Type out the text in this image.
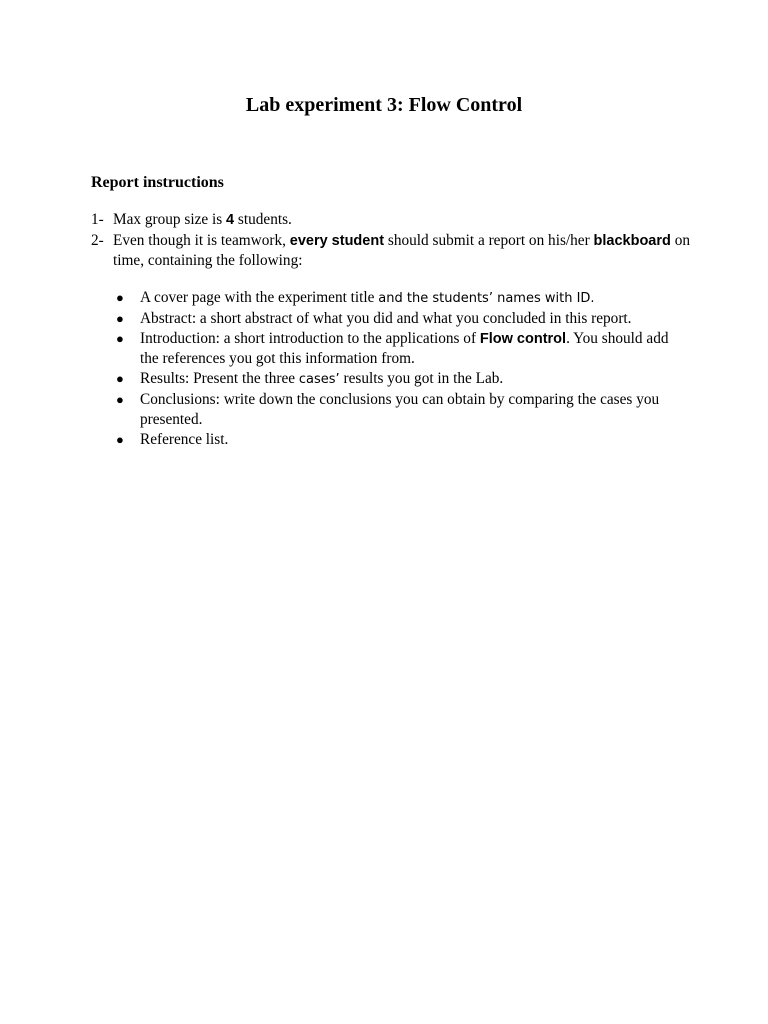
Lab experiment 3: Flow Control
Report instructions
1- Max group size is 4 students.
2- Even though it is teamwork, every student should submit a report on his/her blackboard on time, containing the following:
● A cover page with the experiment title and the students’ names with ID.
● Abstract: a short abstract of what you did and what you concluded in this report.
● Introduction: a short introduction to the applications of Flow control. You should add the references you got this information from.
● Results: Present the three cases’ results you got in the Lab.
● Conclusions: write down the conclusions you can obtain by comparing the cases you presented.
● Reference list.
